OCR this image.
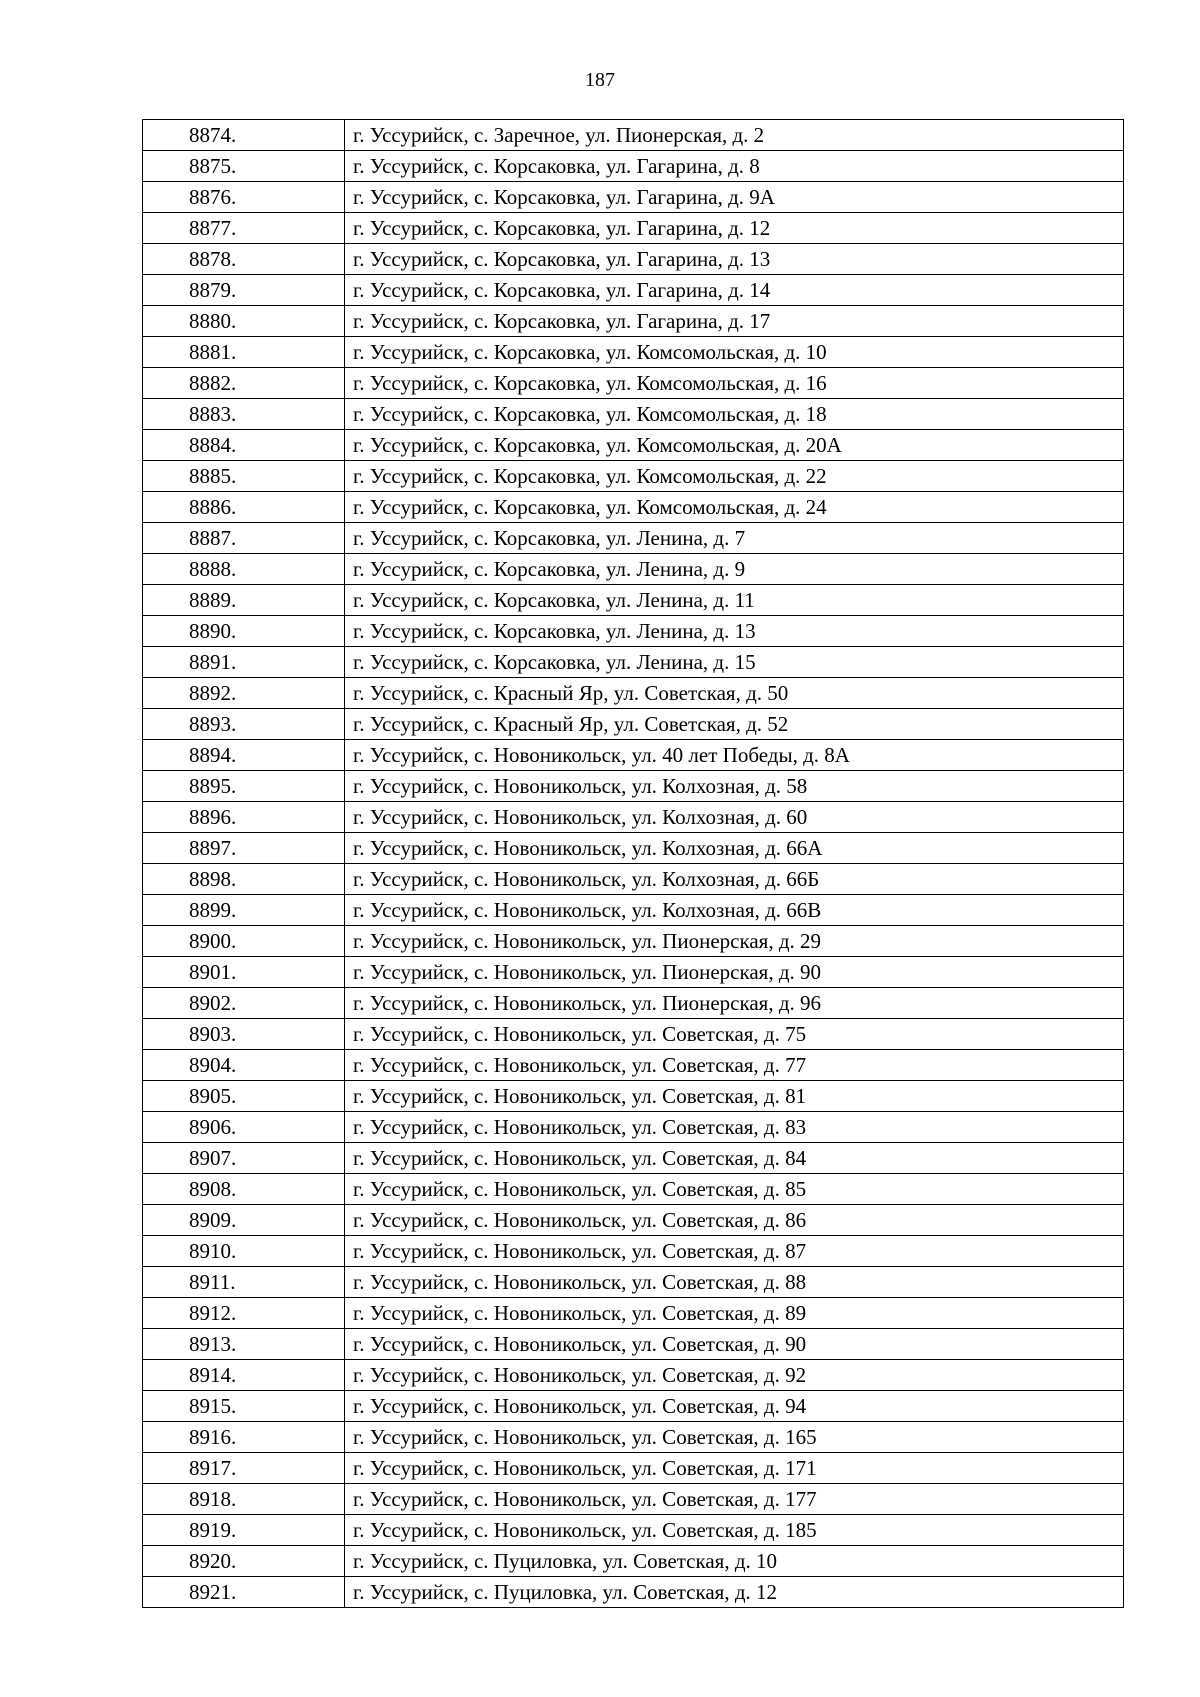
187
8874.	г. Уссурийск, с. Заречное, ул. Пионерская, д. 2
8875.	г. Уссурийск, с. Корсаковка, ул. Гагарина, д. 8
8876.	г. Уссурийск, с. Корсаковка, ул. Гагарина, д. 9А
8877.	г. Уссурийск, с. Корсаковка, ул. Гагарина, д. 12
8878.	г. Уссурийск, с. Корсаковка, ул. Гагарина, д. 13
8879.	г. Уссурийск, с. Корсаковка, ул. Гагарина, д. 14
8880.	г. Уссурийск, с. Корсаковка, ул. Гагарина, д. 17
8881.	г. Уссурийск, с. Корсаковка, ул. Комсомольская, д. 10
8882.	г. Уссурийск, с. Корсаковка, ул. Комсомольская, д. 16
8883.	г. Уссурийск, с. Корсаковка, ул. Комсомольская, д. 18
8884.	г. Уссурийск, с. Корсаковка, ул. Комсомольская, д. 20А
8885.	г. Уссурийск, с. Корсаковка, ул. Комсомольская, д. 22
8886.	г. Уссурийск, с. Корсаковка, ул. Комсомольская, д. 24
8887.	г. Уссурийск, с. Корсаковка, ул. Ленина, д. 7
8888.	г. Уссурийск, с. Корсаковка, ул. Ленина, д. 9
8889.	г. Уссурийск, с. Корсаковка, ул. Ленина, д. 11
8890.	г. Уссурийск, с. Корсаковка, ул. Ленина, д. 13
8891.	г. Уссурийск, с. Корсаковка, ул. Ленина, д. 15
8892.	г. Уссурийск, с. Красный Яр, ул. Советская, д. 50
8893.	г. Уссурийск, с. Красный Яр, ул. Советская, д. 52
8894.	г. Уссурийск, с. Новоникольск, ул. 40 лет Победы, д. 8А
8895.	г. Уссурийск, с. Новоникольск, ул. Колхозная, д. 58
8896.	г. Уссурийск, с. Новоникольск, ул. Колхозная, д. 60
8897.	г. Уссурийск, с. Новоникольск, ул. Колхозная, д. 66А
8898.	г. Уссурийск, с. Новоникольск, ул. Колхозная, д. 66Б
8899.	г. Уссурийск, с. Новоникольск, ул. Колхозная, д. 66В
8900.	г. Уссурийск, с. Новоникольск, ул. Пионерская, д. 29
8901.	г. Уссурийск, с. Новоникольск, ул. Пионерская, д. 90
8902.	г. Уссурийск, с. Новоникольск, ул. Пионерская, д. 96
8903.	г. Уссурийск, с. Новоникольск, ул. Советская, д. 75
8904.	г. Уссурийск, с. Новоникольск, ул. Советская, д. 77
8905.	г. Уссурийск, с. Новоникольск, ул. Советская, д. 81
8906.	г. Уссурийск, с. Новоникольск, ул. Советская, д. 83
8907.	г. Уссурийск, с. Новоникольск, ул. Советская, д. 84
8908.	г. Уссурийск, с. Новоникольск, ул. Советская, д. 85
8909.	г. Уссурийск, с. Новоникольск, ул. Советская, д. 86
8910.	г. Уссурийск, с. Новоникольск, ул. Советская, д. 87
8911.	г. Уссурийск, с. Новоникольск, ул. Советская, д. 88
8912.	г. Уссурийск, с. Новоникольск, ул. Советская, д. 89
8913.	г. Уссурийск, с. Новоникольск, ул. Советская, д. 90
8914.	г. Уссурийск, с. Новоникольск, ул. Советская, д. 92
8915.	г. Уссурийск, с. Новоникольск, ул. Советская, д. 94
8916.	г. Уссурийск, с. Новоникольск, ул. Советская, д. 165
8917.	г. Уссурийск, с. Новоникольск, ул. Советская, д. 171
8918.	г. Уссурийск, с. Новоникольск, ул. Советская, д. 177
8919.	г. Уссурийск, с. Новоникольск, ул. Советская, д. 185
8920.	г. Уссурийск, с. Пуциловка, ул. Советская, д. 10
8921.	г. Уссурийск, с. Пуциловка, ул. Советская, д. 12
